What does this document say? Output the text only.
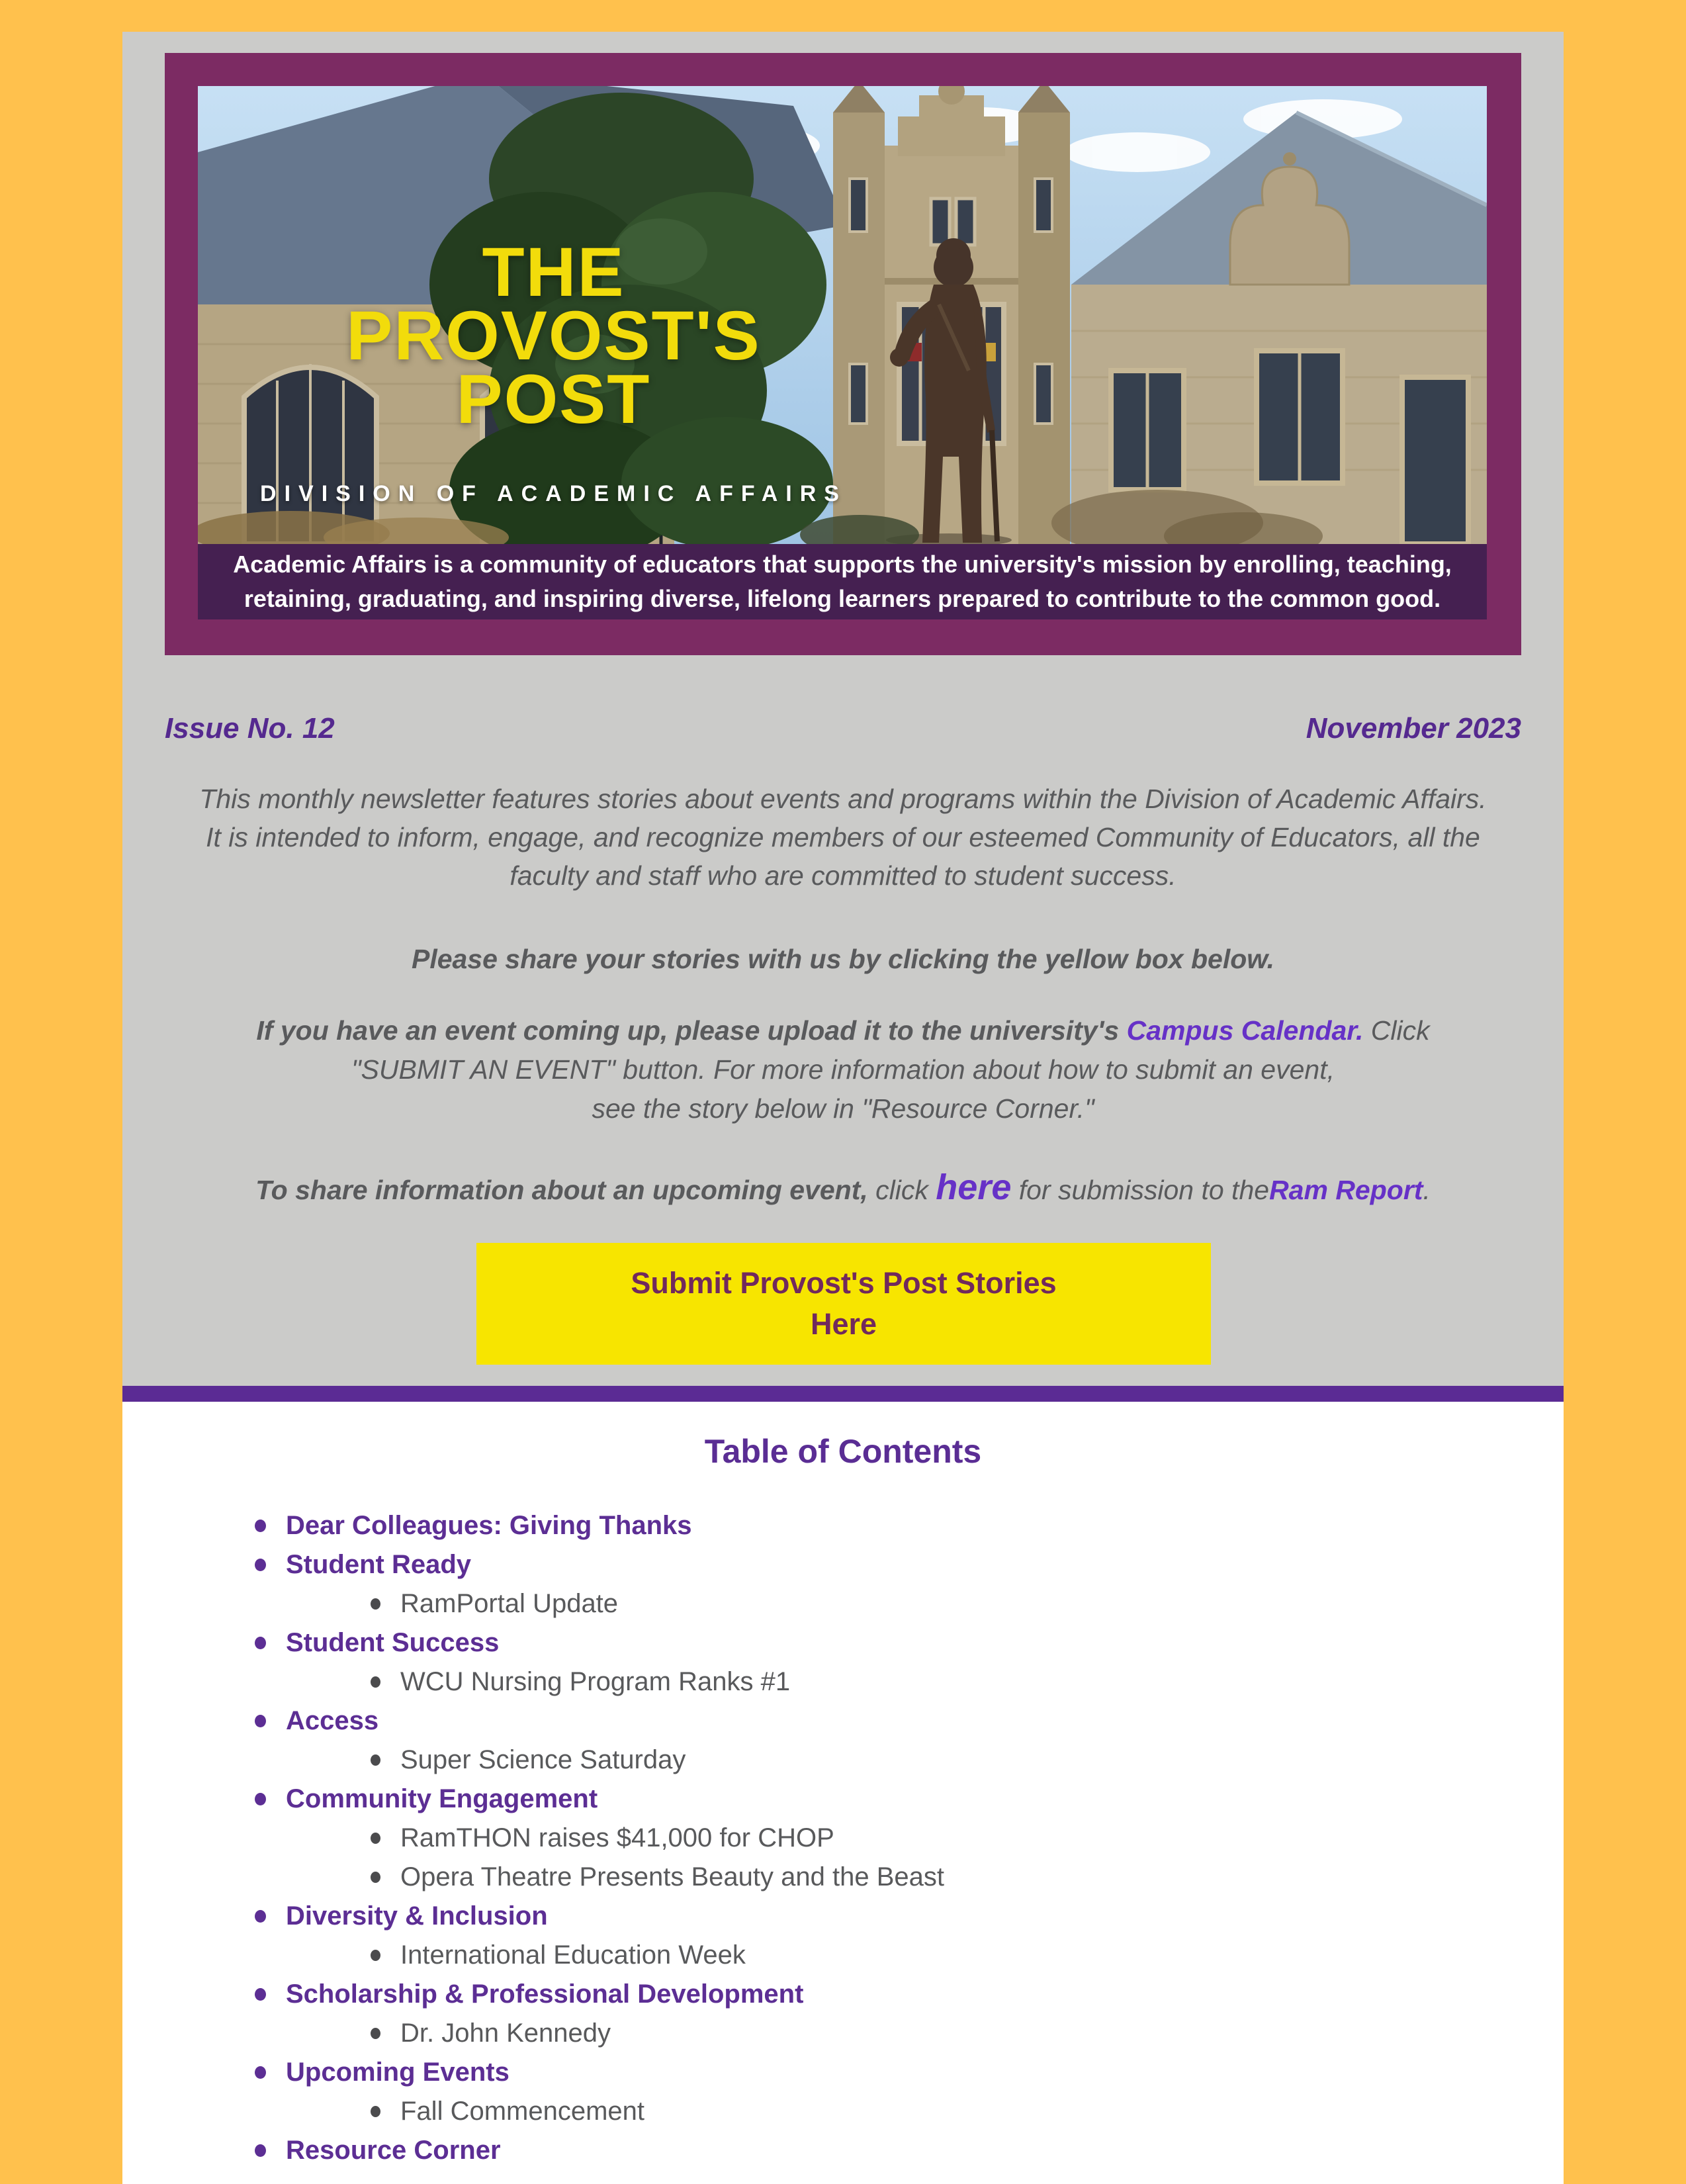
THE
PROVOST'S
POST
DIVISION OF ACADEMIC AFFAIRS
Academic Affairs is a community of educators that supports the university's mission by enrolling, teaching, retaining, graduating, and inspiring diverse, lifelong learners prepared to contribute to the common good.
Issue No. 12	November 2023
This monthly newsletter features stories about events and programs within the Division of Academic Affairs. It is intended to inform, engage, and recognize members of our esteemed Community of Educators, all the faculty and staff who are committed to student success.
Please share your stories with us by clicking the yellow box below.
If you have an event coming up, please upload it to the university's Campus Calendar. Click
"SUBMIT AN EVENT" button. For more information about how to submit an event,
see the story below in "Resource Corner."
To share information about an upcoming event, click here for submission to theRam Report.
Submit Provost's Post Stories
Here
Table of Contents
Dear Colleagues: Giving Thanks
Student Ready
RamPortal Update
Student Success
WCU Nursing Program Ranks #1
Access
Super Science Saturday
Community Engagement
RamTHON raises $41,000 for CHOP
Opera Theatre Presents Beauty and the Beast
Diversity & Inclusion
International Education Week
Scholarship & Professional Development
Dr. John Kennedy
Upcoming Events
Fall Commencement
Resource Corner
